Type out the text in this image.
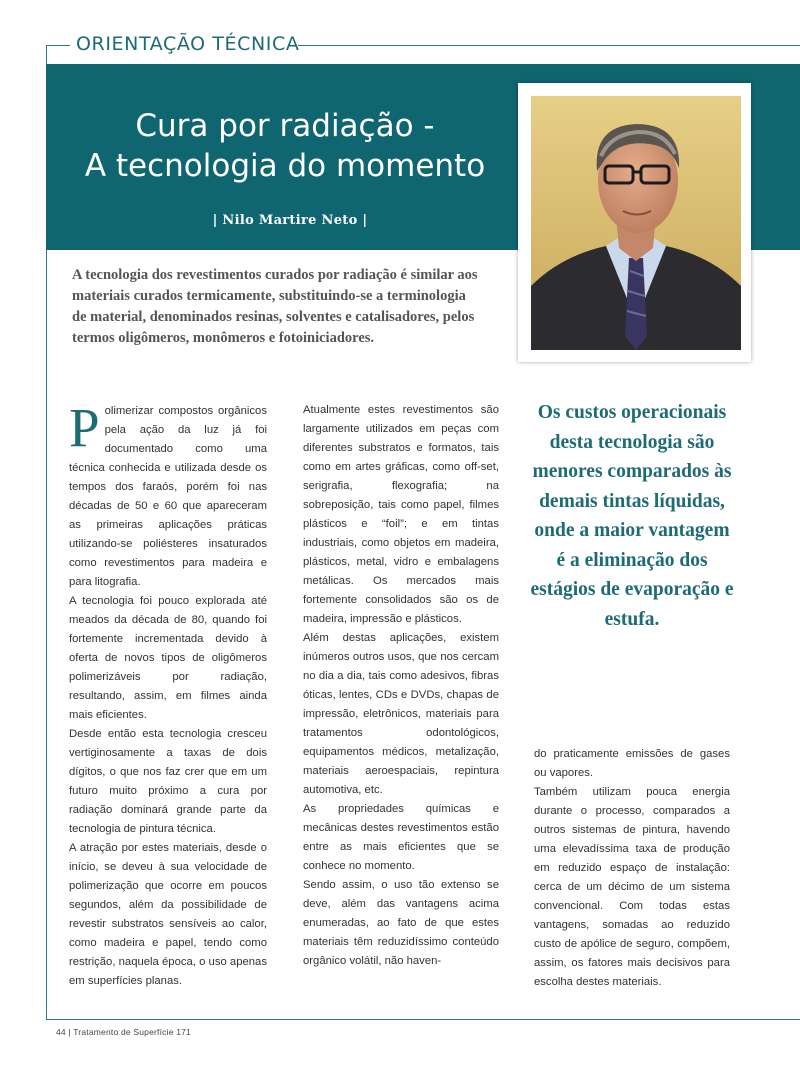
ORIENTAÇÃO TÉCNICA
Cura por radiação -
A tecnologia do momento
| Nilo Martire Neto |

A tecnologia dos revestimentos curados por radiação é similar aos materiais curados termicamente, substituindo-se a terminologia de material, denominados resinas, solventes e catalisadores, pelos termos oligômeros, monômeros e fotoiniciadores.

Polimerizar compostos orgânicos pela ação da luz já foi documentado como uma técnica conhecida e utilizada desde os tempos dos faraós, porém foi nas décadas de 50 e 60 que apareceram as primeiras aplicações práticas utilizando-se poliésteres insaturados como revestimentos para madeira e para litografia.

A tecnologia foi pouco explorada até meados da década de 80, quando foi fortemente incrementada devido à oferta de novos tipos de oligômeros polimerizáveis por radiação, resultando, assim, em filmes ainda mais eficientes.

Desde então esta tecnologia cresceu vertiginosamente a taxas de dois dígitos, o que nos faz crer que em um futuro muito próximo a cura por radiação dominará grande parte da tecnologia de pintura técnica.

A atração por estes materiais, desde o início, se deveu à sua velocidade de polimerização que ocorre em poucos segundos, além da possibilidade de revestir substratos sensíveis ao calor, como madeira e papel, tendo como restrição, naquela época, o uso apenas em superfícies planas.

Atualmente estes revestimentos são largamente utilizados em peças com diferentes substratos e formatos, tais como em artes gráficas, como off-set, serigrafia, flexografia; na sobreposição, tais como papel, filmes plásticos e “foil”; e em tintas industriais, como objetos em madeira, plásticos, metal, vidro e embalagens metálicas. Os mercados mais fortemente consolidados são os de madeira, impressão e plásticos.

Além destas aplicações, existem inúmeros outros usos, que nos cercam no dia a dia, tais como adesivos, fibras óticas, lentes, CDs e DVDs, chapas de impressão, eletrônicos, materiais para tratamentos odontológicos, equipamentos médicos, metalização, materiais aeroespaciais, repintura automotiva, etc.

As propriedades químicas e mecânicas destes revestimentos estão entre as mais eficientes que se conhece no momento.

Sendo assim, o uso tão extenso se deve, além das vantagens acima enumeradas, ao fato de que estes materiais têm reduzidíssimo conteúdo orgânico volátil, não haven-

Os custos operacionais desta tecnologia são menores comparados às demais tintas líquidas, onde a maior vantagem é a eliminação dos estágios de evaporação e estufa.

do praticamente emissões de gases ou vapores.

Também utilizam pouca energia durante o processo, comparados a outros sistemas de pintura, havendo uma elevadíssima taxa de produção em reduzido espaço de instalação: cerca de um décimo de um sistema convencional. Com todas estas vantagens, somadas ao reduzido custo de apólice de seguro, compõem, assim, os fatores mais decisivos para escolha destes materiais.

44 | Tratamento de Superfície 171
